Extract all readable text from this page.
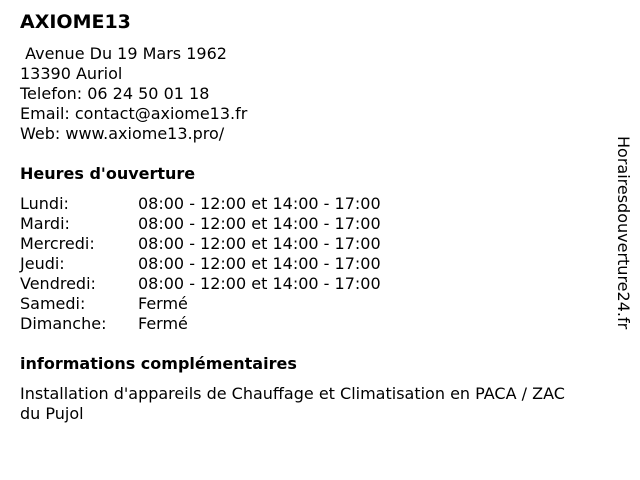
AXIOME13
Avenue Du 19 Mars 1962
13390 Auriol
Telefon: 06 24 50 01 18
Email: contact@axiome13.fr
Web: www.axiome13.pro/
Heures d'ouverture
Lundi:	08:00 - 12:00 et 14:00 - 17:00
Mardi:	08:00 - 12:00 et 14:00 - 17:00
Mercredi:	08:00 - 12:00 et 14:00 - 17:00
Jeudi:	08:00 - 12:00 et 14:00 - 17:00
Vendredi:	08:00 - 12:00 et 14:00 - 17:00
Samedi:	Fermé
Dimanche:	Fermé
informations complémentaires
Installation d'appareils de Chauffage et Climatisation en PACA / ZAC du Pujol
Horairesdouverture24.fr
